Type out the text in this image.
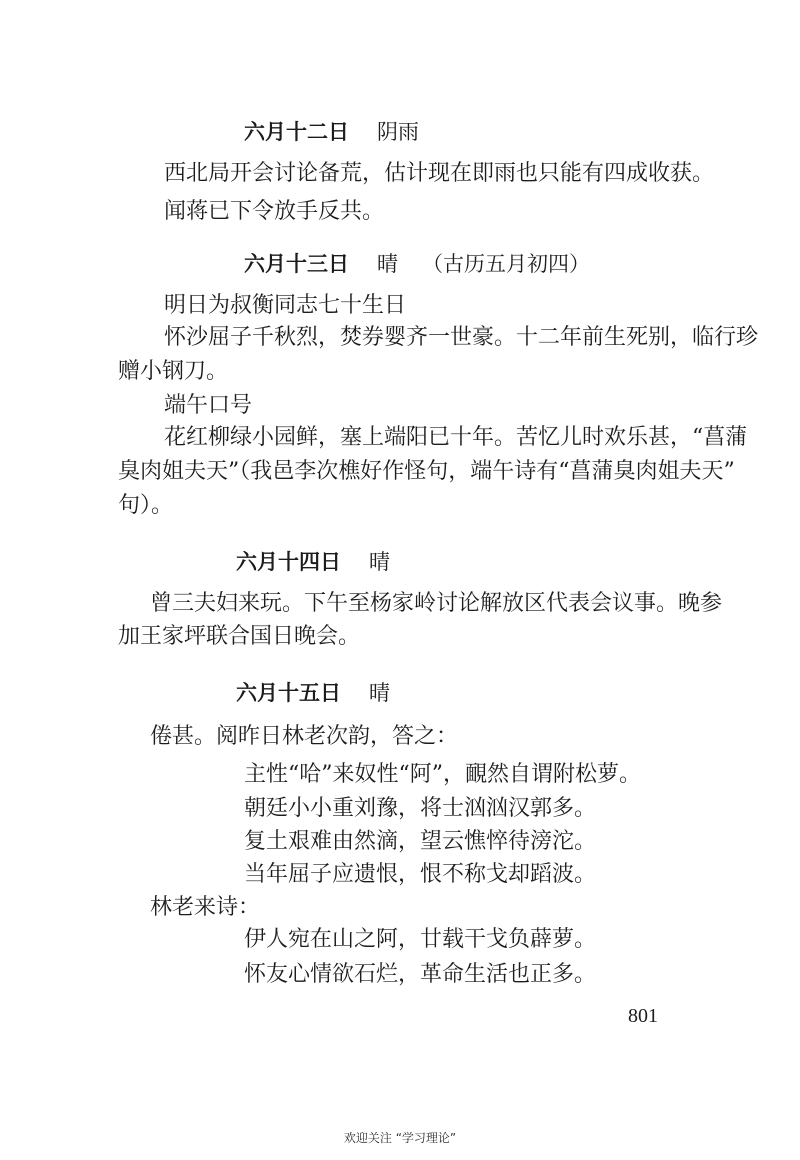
六月十二日 阴雨
西北局开会讨论备荒，估计现在即雨也只能有四成收获。
闻蒋已下令放手反共。
六月十三日 晴 （古历五月初四）
明日为叔衡同志七十生日
怀沙屈子千秋烈，焚券婴齐一世豪。十二年前生死别，临行珍
赠小钢刀。
端午口号
花红柳绿小园鲜，塞上端阳已十年。苦忆儿时欢乐甚，“菖蒲
臭肉姐夫天”（我邑李次樵好作怪句，端午诗有“菖蒲臭肉姐夫天”
句）。
六月十四日 晴
曾三夫妇来玩。下午至杨家岭讨论解放区代表会议事。晚参
加王家坪联合国日晚会。
六月十五日 晴
倦甚。阅昨日林老次韵，答之：
主性“哈”来奴性“阿”，靦然自谓附松萝。
朝廷小小重刘豫，将士汹汹汉郭多。
复土艰难由然滴，望云憔悴待滂沱。
当年屈子应遗恨，恨不称戈却蹈波。
林老来诗：
伊人宛在山之阿，廿载干戈负薜萝。
怀友心情欲石烂，革命生活也正多。
801
欢迎关注 “学习理论”
